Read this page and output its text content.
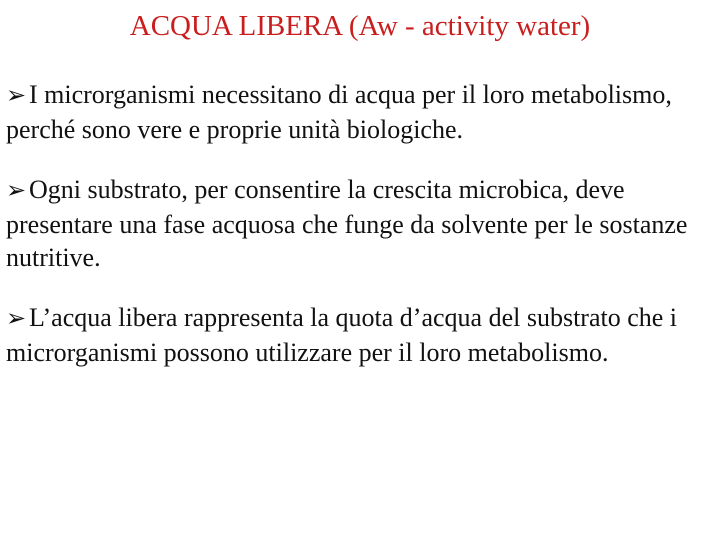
ACQUA LIBERA (Aw - activity water)
➢ I microrganismi necessitano di acqua per il loro metabolismo, perché sono vere e proprie unità biologiche.
➢ Ogni substrato, per consentire la crescita microbica, deve presentare una fase acquosa che funge da solvente per le sostanze nutritive.
➢ L’acqua libera rappresenta la quota d’acqua del substrato che i microrganismi possono utilizzare per il loro metabolismo.
